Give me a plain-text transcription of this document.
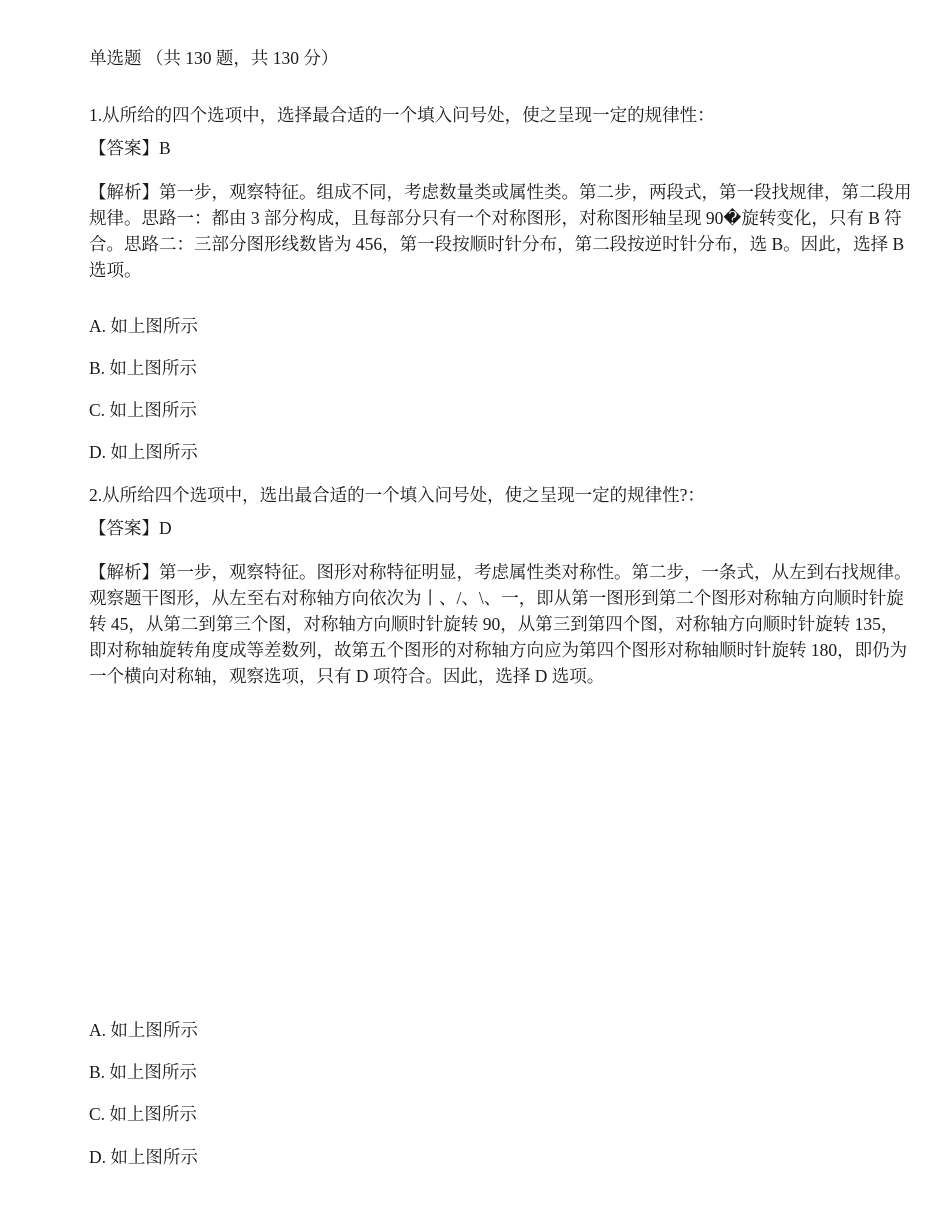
单选题 （共 130 题，共 130 分）
1.从所给的四个选项中，选择最合适的一个填入问号处，使之呈现一定的规律性：
【答案】B
【解析】第一步，观察特征。组成不同，考虑数量类或属性类。第二步，两段式，第一段找规律，第二段用规律。思路一：都由 3 部分构成，且每部分只有一个对称图形，对称图形轴呈现 90�旋转变化，只有 B 符合。思路二：三部分图形线数皆为 456，第一段按顺时针分布，第二段按逆时针分布，选 B。因此，选择 B 选项。
A. 如上图所示
B. 如上图所示
C. 如上图所示
D. 如上图所示
2.从所给四个选项中，选出最合适的一个填入问号处，使之呈现一定的规律性?：
【答案】D
【解析】第一步，观察特征。图形对称特征明显，考虑属性类对称性。第二步，一条式，从左到右找规律。观察题干图形，从左至右对称轴方向依次为丨、/、\、一，即从第一图形到第二个图形对称轴方向顺时针旋转 45，从第二到第三个图，对称轴方向顺时针旋转 90，从第三到第四个图，对称轴方向顺时针旋转 135，即对称轴旋转角度成等差数列，故第五个图形的对称轴方向应为第四个图形对称轴顺时针旋转 180，即仍为一个横向对称轴，观察选项，只有 D 项符合。因此，选择 D 选项。
A. 如上图所示
B. 如上图所示
C. 如上图所示
D. 如上图所示
